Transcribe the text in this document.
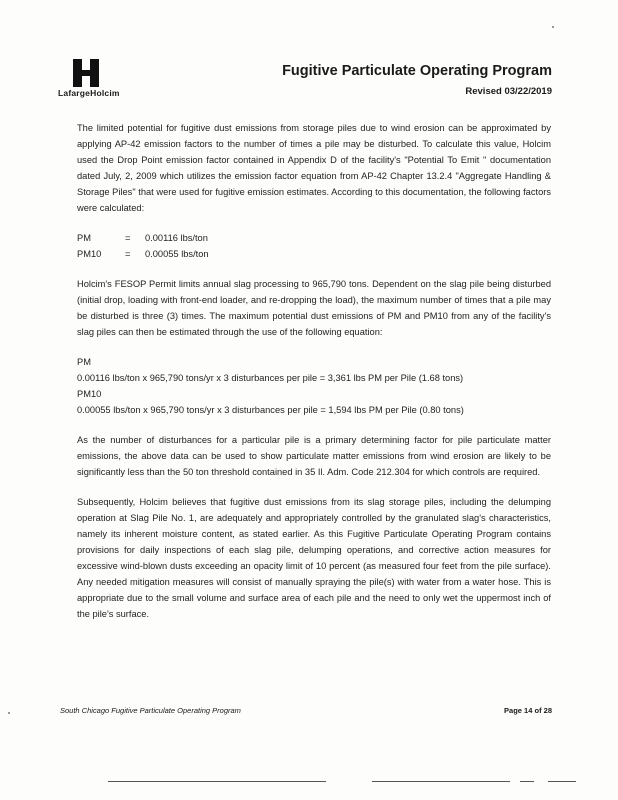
LafargeHolcim
Fugitive Particulate Operating Program
Revised 03/22/2019

The limited potential for fugitive dust emissions from storage piles due to wind erosion can be approximated by applying AP-42 emission factors to the number of times a pile may be disturbed. To calculate this value, Holcim used the Drop Point emission factor contained in Appendix D of the facility's "Potential To Emit " documentation dated July, 2, 2009 which utilizes the emission factor equation from AP-42 Chapter 13.2.4 "Aggregate Handling & Storage Piles" that were used for fugitive emission estimates. According to this documentation, the following factors were calculated:

PM	=	0.00116 lbs/ton
PM10	=	0.00055 lbs/ton

Holcim's FESOP Permit limits annual slag processing to 965,790 tons. Dependent on the slag pile being disturbed (initial drop, loading with front-end loader, and re-dropping the load), the maximum number of times that a pile may be disturbed is three (3) times. The maximum potential dust emissions of PM and PM10 from any of the facility's slag piles can then be estimated through the use of the following equation:

PM
0.00116 lbs/ton x 965,790 tons/yr x 3 disturbances per pile = 3,361 lbs PM per Pile (1.68 tons)
PM10
0.00055 lbs/ton x 965,790 tons/yr x 3 disturbances per pile = 1,594 lbs PM per Pile (0.80 tons)

As the number of disturbances for a particular pile is a primary determining factor for pile particulate matter emissions, the above data can be used to show particulate matter emissions from wind erosion are likely to be significantly less than the 50 ton threshold contained in 35 Il. Adm. Code 212.304 for which controls are required.

Subsequently, Holcim believes that fugitive dust emissions from its slag storage piles, including the delumping operation at Slag Pile No. 1, are adequately and appropriately controlled by the granulated slag's characteristics, namely its inherent moisture content, as stated earlier. As this Fugitive Particulate Operating Program contains provisions for daily inspections of each slag pile, delumping operations, and corrective action measures for excessive wind-blown dusts exceeding an opacity limit of 10 percent (as measured four feet from the pile surface). Any needed mitigation measures will consist of manually spraying the pile(s) with water from a water hose. This is appropriate due to the small volume and surface area of each pile and the need to only wet the uppermost inch of the pile's surface.

South Chicago Fugitive Particulate Operating Program	Page 14 of 28
